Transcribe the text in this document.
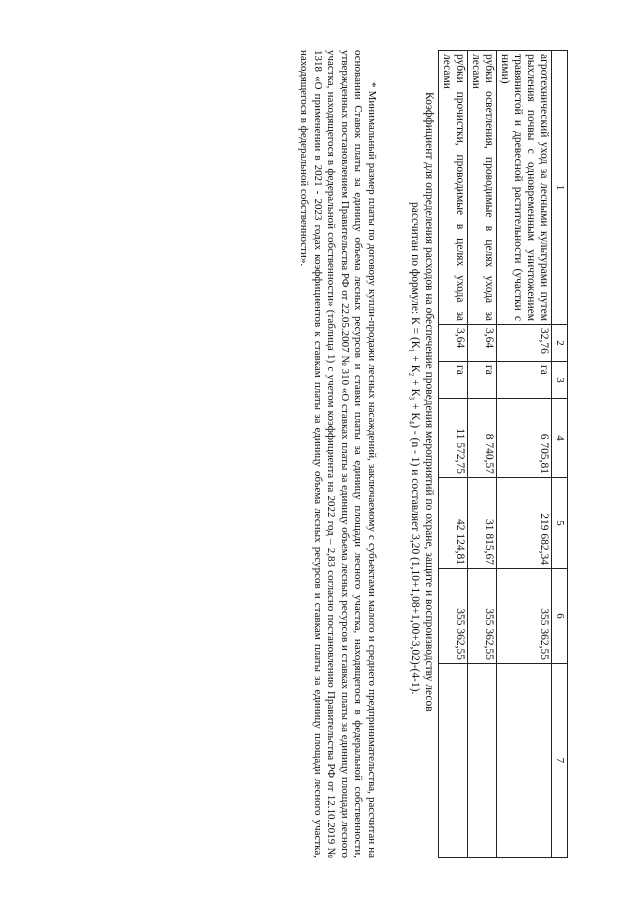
1	2	3	4	5	6	7
агротехнический уход за лесными культурами путем рыхления почвы с одновременным уничтожением травянистой и древесной растительности (участки с ними)	32,76	га	6 705,81	219 682,34	355 362,55	
рубки осветления, проводимые в целях ухода за лесами	3,64	га	8 740,57	31 815,67	355 362,55	
рубки прочистки, проводимые в целях ухода за лесами	3,64	га	11 572,75	42 124,81	355 362,55	
Коэффициент для определения расходов на обеспечение проведения мероприятий по охране, защите и воспроизводству лесов
рассчитан по формуле: К = (К₁ + К₂ + К₃ + К₄) - (n - 1) и составляет 3,20 (1,10+1,08+1,00+3,02)-(4-1).
* Минимальный размер платы по договору купли-продажи лесных насаждений, заключаемому с субъектами малого и среднего предпринимательства, рассчитан на основании Ставок платы за единицу объема лесных ресурсов и ставки платы за единицу площади лесного участка, находящегося в федеральной собственности, утвержденных постановлением Правительства РФ от 22.05.2007 № 310 «О ставках платы за единицу объема лесных ресурсов и ставках платы за единицу площади лесного участка, находящегося в федеральной собственности» (таблица 1) с учетом коэффициента на 2022 год – 2,83 согласно постановлению Правительства РФ от 12.10.2019 № 1318 «О применении в 2021 - 2023 годах коэффициентов к ставкам платы за единицу объема лесных ресурсов и ставкам платы за единицу площади лесного участка, находящегося в федеральной собственности».
